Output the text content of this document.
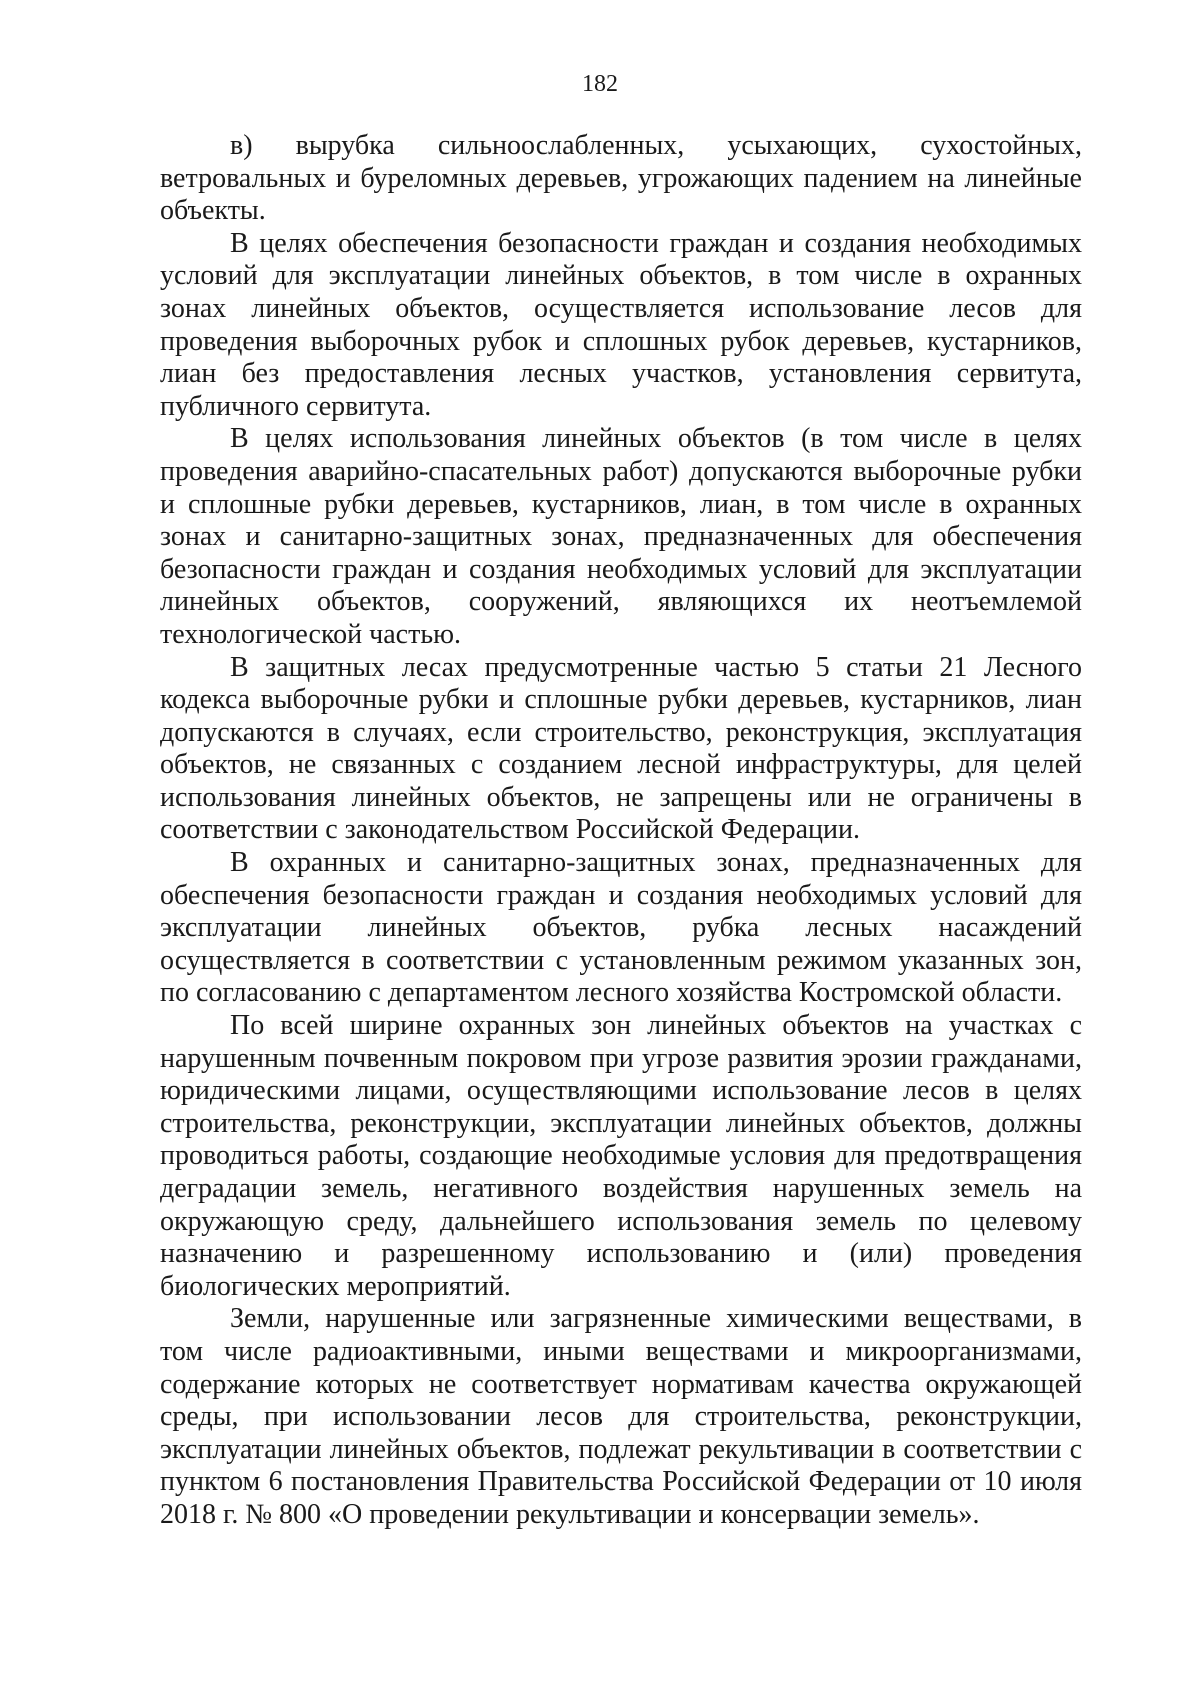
182

в) вырубка сильноослабленных, усыхающих, сухостойных, ветровальных и буреломных деревьев, угрожающих падением на линейные объекты.

В целях обеспечения безопасности граждан и создания необходимых условий для эксплуатации линейных объектов, в том числе в охранных зонах линейных объектов, осуществляется использование лесов для проведения выборочных рубок и сплошных рубок деревьев, кустарников, лиан без предоставления лесных участков, установления сервитута, публичного сервитута.

В целях использования линейных объектов (в том числе в целях проведения аварийно-спасательных работ) допускаются выборочные рубки и сплошные рубки деревьев, кустарников, лиан, в том числе в охранных зонах и санитарно-защитных зонах, предназначенных для обеспечения безопасности граждан и создания необходимых условий для эксплуатации линейных объектов, сооружений, являющихся их неотъемлемой технологической частью.

В защитных лесах предусмотренные частью 5 статьи 21 Лесного кодекса выборочные рубки и сплошные рубки деревьев, кустарников, лиан допускаются в случаях, если строительство, реконструкция, эксплуатация объектов, не связанных с созданием лесной инфраструктуры, для целей использования линейных объектов, не запрещены или не ограничены в соответствии с законодательством Российской Федерации.

В охранных и санитарно-защитных зонах, предназначенных для обеспечения безопасности граждан и создания необходимых условий для эксплуатации линейных объектов, рубка лесных насаждений осуществляется в соответствии с установленным режимом указанных зон, по согласованию с департаментом лесного хозяйства Костромской области.

По всей ширине охранных зон линейных объектов на участках с нарушенным почвенным покровом при угрозе развития эрозии гражданами, юридическими лицами, осуществляющими использование лесов в целях строительства, реконструкции, эксплуатации линейных объектов, должны проводиться работы, создающие необходимые условия для предотвращения деградации земель, негативного воздействия нарушенных земель на окружающую среду, дальнейшего использования земель по целевому назначению и разрешенному использованию и (или) проведения биологических мероприятий.

Земли, нарушенные или загрязненные химическими веществами, в том числе радиоактивными, иными веществами и микроорганизмами, содержание которых не соответствует нормативам качества окружающей среды, при использовании лесов для строительства, реконструкции, эксплуатации линейных объектов, подлежат рекультивации в соответствии с пунктом 6 постановления Правительства Российской Федерации от 10 июля 2018 г. № 800 «О проведении рекультивации и консервации земель».
